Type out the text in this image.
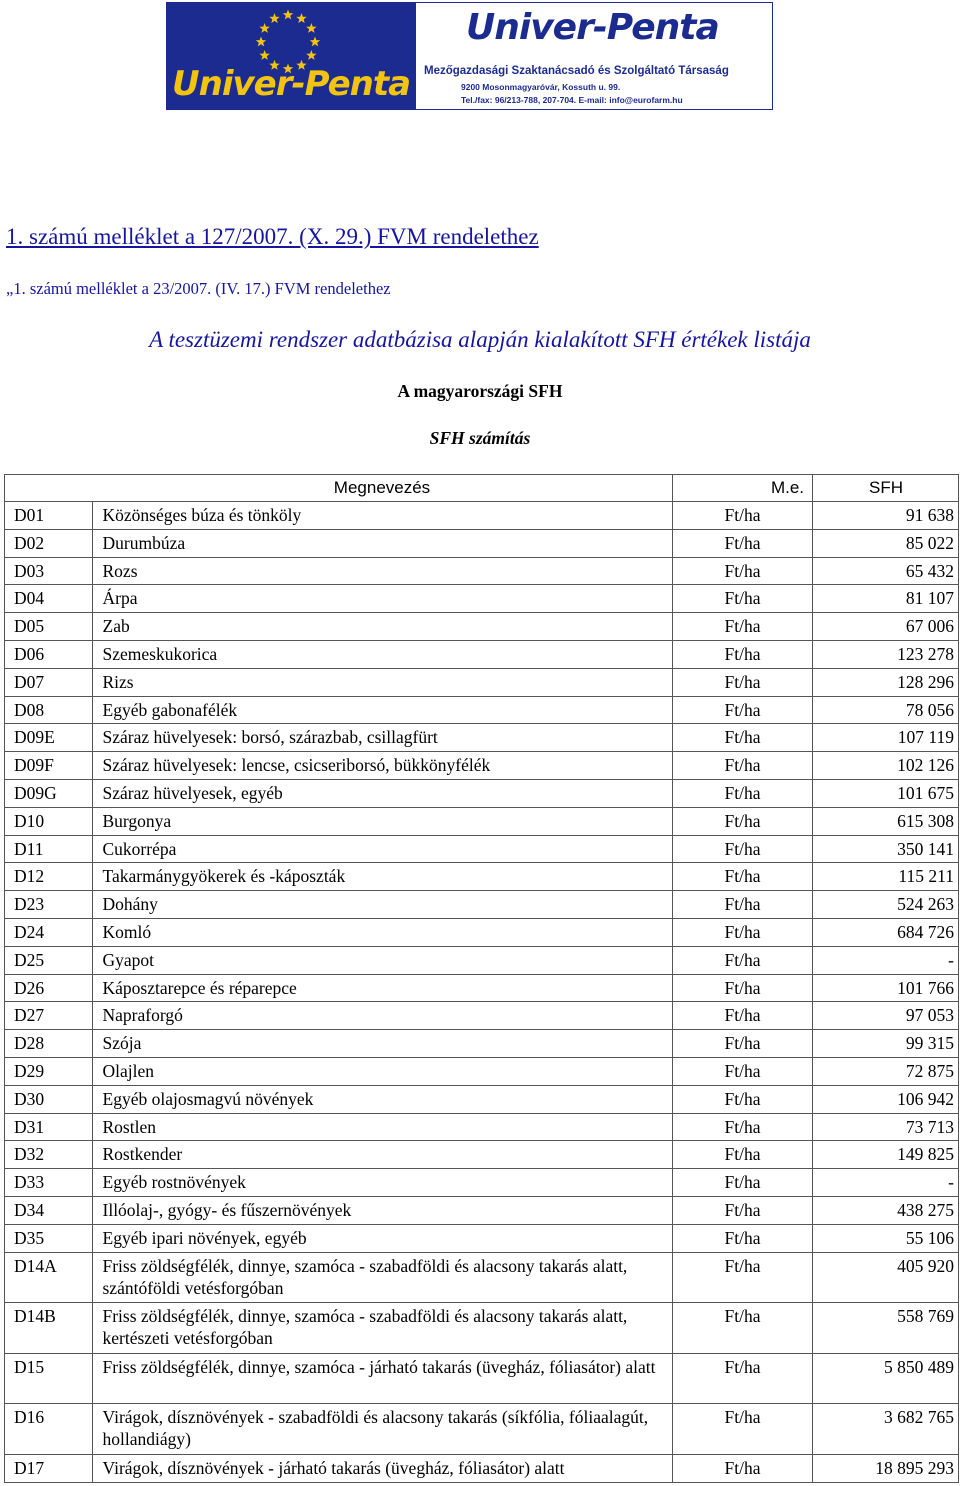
Univer-Penta
Univer-Penta
Mezőgazdasági Szaktanácsadó és Szolgáltató Társaság
9200 Mosonmagyaróvár, Kossuth u. 99.
Tel./fax: 96/213-788, 207-704. E-mail: info@eurofarm.hu
1. számú melléklet a 127/2007. (X. 29.) FVM rendelethez
„1. számú melléklet a 23/2007. (IV. 17.) FVM rendelethez
A tesztüzemi rendszer adatbázisa alapján kialakított SFH értékek listája
A magyarországi SFH
SFH számítás
	Megnevezés	M.e.	SFH
D01	Közönséges búza és tönköly	Ft/ha	91 638
D02	Durumbúza	Ft/ha	85 022
D03	Rozs	Ft/ha	65 432
D04	Árpa	Ft/ha	81 107
D05	Zab	Ft/ha	67 006
D06	Szemeskukorica	Ft/ha	123 278
D07	Rizs	Ft/ha	128 296
D08	Egyéb gabonafélék	Ft/ha	78 056
D09E	Száraz hüvelyesek: borsó, szárazbab, csillagfürt	Ft/ha	107 119
D09F	Száraz hüvelyesek: lencse, csicseriborsó, bükkönyfélék	Ft/ha	102 126
D09G	Száraz hüvelyesek, egyéb	Ft/ha	101 675
D10	Burgonya	Ft/ha	615 308
D11	Cukorrépa	Ft/ha	350 141
D12	Takarmánygyökerek és -káposzták	Ft/ha	115 211
D23	Dohány	Ft/ha	524 263
D24	Komló	Ft/ha	684 726
D25	Gyapot	Ft/ha	-
D26	Káposztarepce és réparepce	Ft/ha	101 766
D27	Napraforgó	Ft/ha	97 053
D28	Szója	Ft/ha	99 315
D29	Olajlen	Ft/ha	72 875
D30	Egyéb olajosmagvú növények	Ft/ha	106 942
D31	Rostlen	Ft/ha	73 713
D32	Rostkender	Ft/ha	149 825
D33	Egyéb rostnövények	Ft/ha	-
D34	Illóolaj-, gyógy- és fűszernövények	Ft/ha	438 275
D35	Egyéb ipari növények, egyéb	Ft/ha	55 106
D14A	Friss zöldségfélék, dinnye, szamóca - szabadföldi és alacsony takarás alatt, szántóföldi vetésforgóban	Ft/ha	405 920
D14B	Friss zöldségfélék, dinnye, szamóca - szabadföldi és alacsony takarás alatt, kertészeti vetésforgóban	Ft/ha	558 769
D15	Friss zöldségfélék, dinnye, szamóca - járható takarás (üvegház, fóliasátor) alatt	Ft/ha	5 850 489
D16	Virágok, dísznövények - szabadföldi és alacsony takarás (síkfólia, fóliaalagút, hollandiágy)	Ft/ha	3 682 765
D17	Virágok, dísznövények - járható takarás (üvegház, fóliasátor) alatt	Ft/ha	18 895 293
